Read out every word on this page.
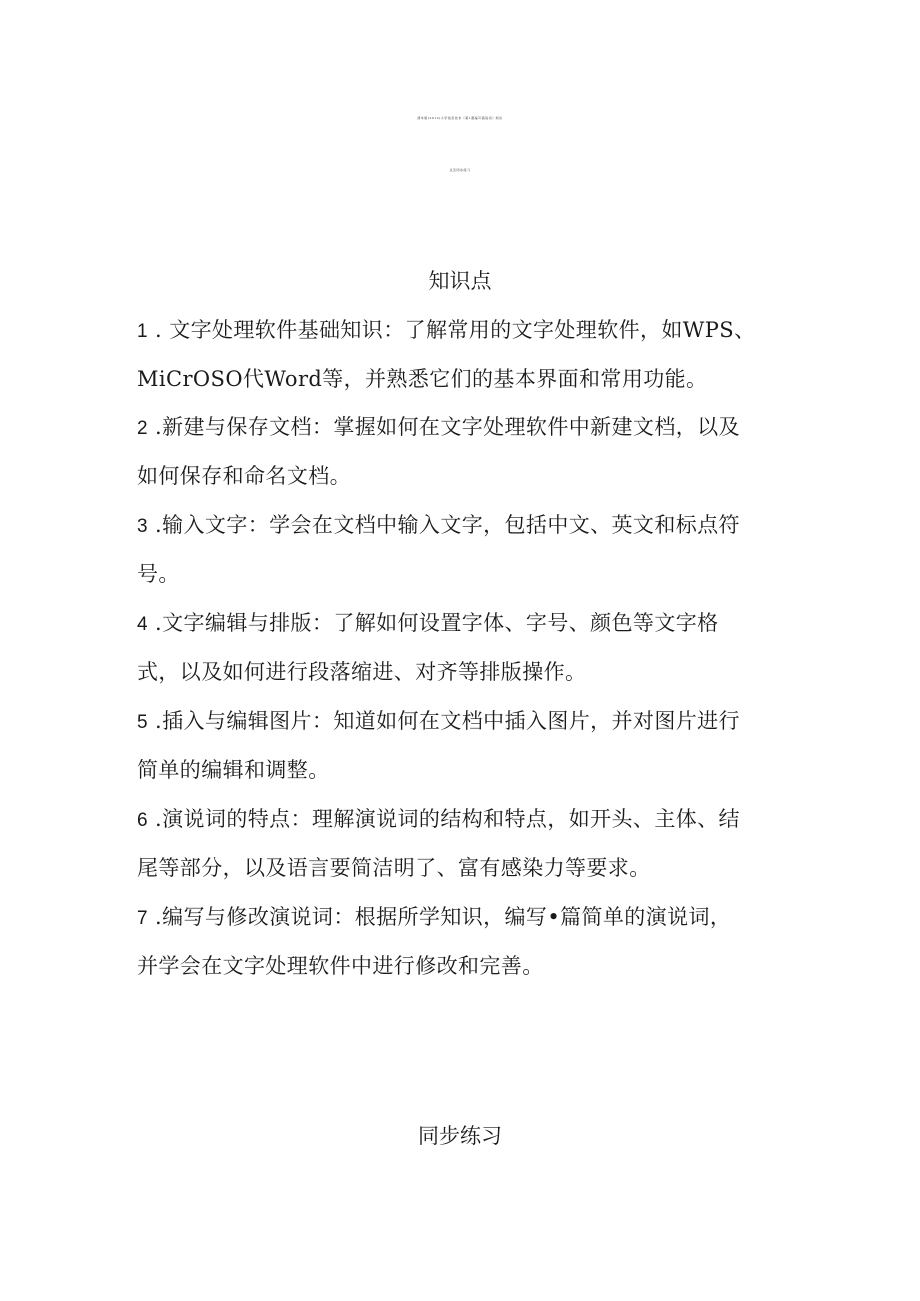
清华版(2012)小学信息技术《第1课编写演说词》知识
点及同步练习
知识点
1 . 文字处理软件基础知识：了解常用的文字处理软件，如WPS、
MiCrOSO代Word等，并熟悉它们的基本界面和常用功能。
2 .新建与保存文档：掌握如何在文字处理软件中新建文档，以及
如何保存和命名文档。
3 .输入文字：学会在文档中输入文字，包括中文、英文和标点符
号。
4 .文字编辑与排版：了解如何设置字体、字号、颜色等文字格
式，以及如何进行段落缩进、对齐等排版操作。
5 .插入与编辑图片：知道如何在文档中插入图片，并对图片进行
简单的编辑和调整。
6 .演说词的特点：理解演说词的结构和特点，如开头、主体、结
尾等部分，以及语言要简洁明了、富有感染力等要求。
7 .编写与修改演说词：根据所学知识，编写•篇简单的演说词，
并学会在文字处理软件中进行修改和完善。
同步练习
